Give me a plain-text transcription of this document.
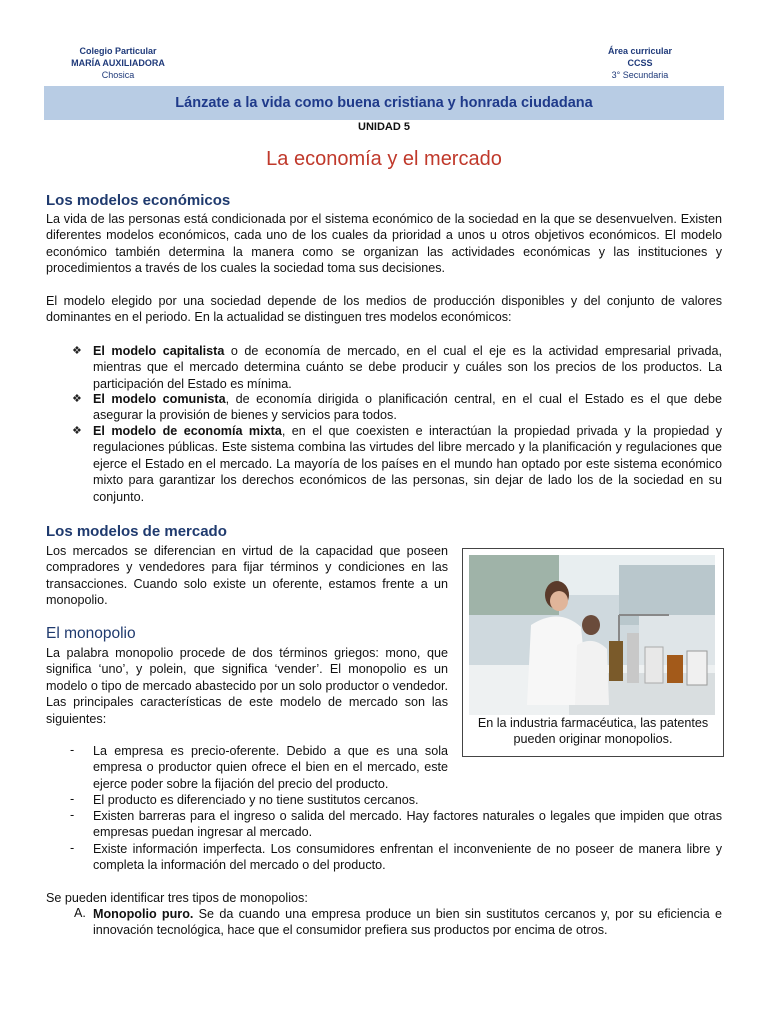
Colegio Particular
MARÍA AUXILIADORA
Chosica
Área curricular
CCSS
3° Secundaria
Lánzate a la vida como buena cristiana y honrada ciudadana
UNIDAD 5
La economía y el mercado
Los modelos económicos
La vida de las personas está condicionada por el sistema económico de la sociedad en la que se desenvuelven. Existen diferentes modelos económicos, cada uno de los cuales da prioridad a unos u otros objetivos económicos. El modelo económico también determina la manera como se organizan las actividades económicas y las instituciones y procedimientos a través de los cuales la sociedad toma sus decisiones.
El modelo elegido por una sociedad depende de los medios de producción disponibles y del conjunto de valores dominantes en el periodo. En la actualidad se distinguen tres modelos económicos:
❖ El modelo capitalista o de economía de mercado, en el cual el eje es la actividad empresarial privada, mientras que el mercado determina cuánto se debe producir y cuáles son los precios de los productos. La participación del Estado es mínima.
❖ El modelo comunista, de economía dirigida o planificación central, en el cual el Estado es el que debe asegurar la provisión de bienes y servicios para todos.
❖ El modelo de economía mixta, en el que coexisten e interactúan la propiedad privada y la propiedad y regulaciones públicas. Este sistema combina las virtudes del libre mercado y la planificación y regulaciones que ejerce el Estado en el mercado. La mayoría de los países en el mundo han optado por este sistema económico mixto para garantizar los derechos económicos de las personas, sin dejar de lado los de la sociedad en su conjunto.
Los modelos de mercado
Los mercados se diferencian en virtud de la capacidad que poseen compradores y vendedores para fijar términos y condiciones en las transacciones. Cuando solo existe un oferente, estamos frente a un monopolio.
El monopolio
La palabra monopolio procede de dos términos griegos: mono, que significa ‘uno’, y polein, que significa ‘vender’. El monopolio es un modelo o tipo de mercado abastecido por un solo productor o vendedor. Las principales características de este modelo de mercado son las siguientes:	En la industria farmacéutica, las patentes pueden originar monopolios.
- La empresa es precio-oferente. Debido a que es una sola empresa o productor quien ofrece el bien en el mercado, este ejerce poder sobre la fijación del precio del producto.
- El producto es diferenciado y no tiene sustitutos cercanos.
- Existen barreras para el ingreso o salida del mercado. Hay factores naturales o legales que impiden que otras empresas puedan ingresar al mercado.
- Existe información imperfecta. Los consumidores enfrentan el inconveniente de no poseer de manera libre y completa la información del mercado o del producto.
Se pueden identificar tres tipos de monopolios:
A. Monopolio puro. Se da cuando una empresa produce un bien sin sustitutos cercanos y, por su eficiencia e innovación tecnológica, hace que el consumidor prefiera sus productos por encima de otros.
